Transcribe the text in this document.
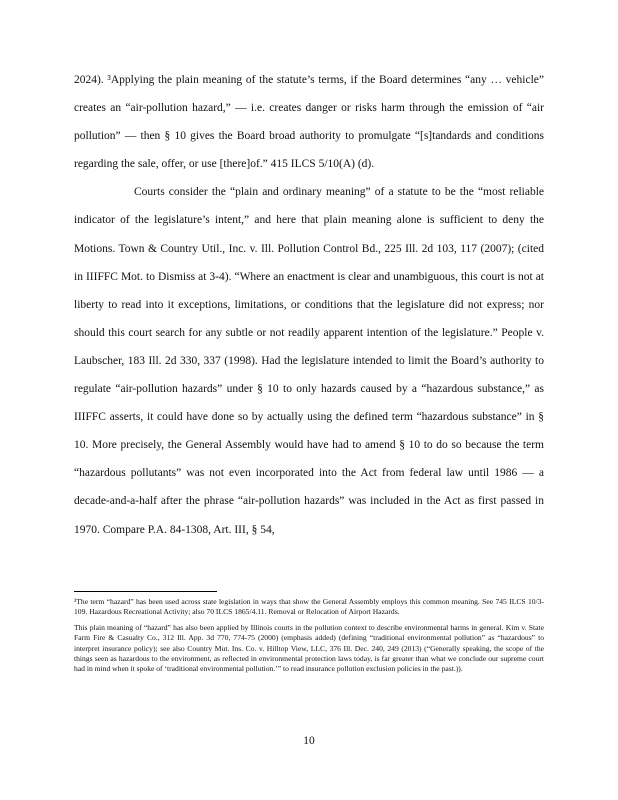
2024). ³Applying the plain meaning of the statute’s terms, if the Board determines “any … vehicle” creates an “air-pollution hazard,” — i.e. creates danger or risks harm through the emission of “air pollution” — then § 10 gives the Board broad authority to promulgate “[s]tandards and conditions regarding the sale, offer, or use [there]of.” 415 ILCS 5/10(A) (d).

Courts consider the “plain and ordinary meaning” of a statute to be the “most reliable indicator of the legislature’s intent,” and here that plain meaning alone is sufficient to deny the Motions. Town & Country Util., Inc. v. Ill. Pollution Control Bd., 225 Ill. 2d 103, 117 (2007); (cited in IIIFFC Mot. to Dismiss at 3-4). “Where an enactment is clear and unambiguous, this court is not at liberty to read into it exceptions, limitations, or conditions that the legislature did not express; nor should this court search for any subtle or not readily apparent intention of the legislature.” People v. Laubscher, 183 Ill. 2d 330, 337 (1998). Had the legislature intended to limit the Board’s authority to regulate “air-pollution hazards” under § 10 to only hazards caused by a “hazardous substance,” as IIIFFC asserts, it could have done so by actually using the defined term “hazardous substance” in § 10. More precisely, the General Assembly would have had to amend § 10 to do so because the term “hazardous pollutants” was not even incorporated into the Act from federal law until 1986 — a decade-and-a-half after the phrase “air-pollution hazards” was included in the Act as first passed in 1970. Compare P.A. 84-1308, Art. III, § 54,

³The term “hazard” has been used across state legislation in ways that show the General Assembly employs this common meaning. See 745 ILCS 10/3-109. Hazardous Recreational Activity; also 70 ILCS 1865/4.11. Removal or Relocation of Airport Hazards.

This plain meaning of “hazard” has also been applied by Illinois courts in the pollution context to describe environmental harms in general. Kim v. State Farm Fire & Casualty Co., 312 Ill. App. 3d 770, 774-75 (2000) (emphasis added) (defining “traditional environmental pollution” as “hazardous” to interpret insurance policy); see also Country Mut. Ins. Co. v. Hilltop View, LLC, 376 Ill. Dec. 240, 249 (2013) (“Generally speaking, the scope of the things seen as hazardous to the environment, as reflected in environmental protection laws today, is far greater than what we conclude our supreme court had in mind when it spoke of ‘traditional environmental pollution.’” to read insurance pollution exclusion policies in the past.)).

10
